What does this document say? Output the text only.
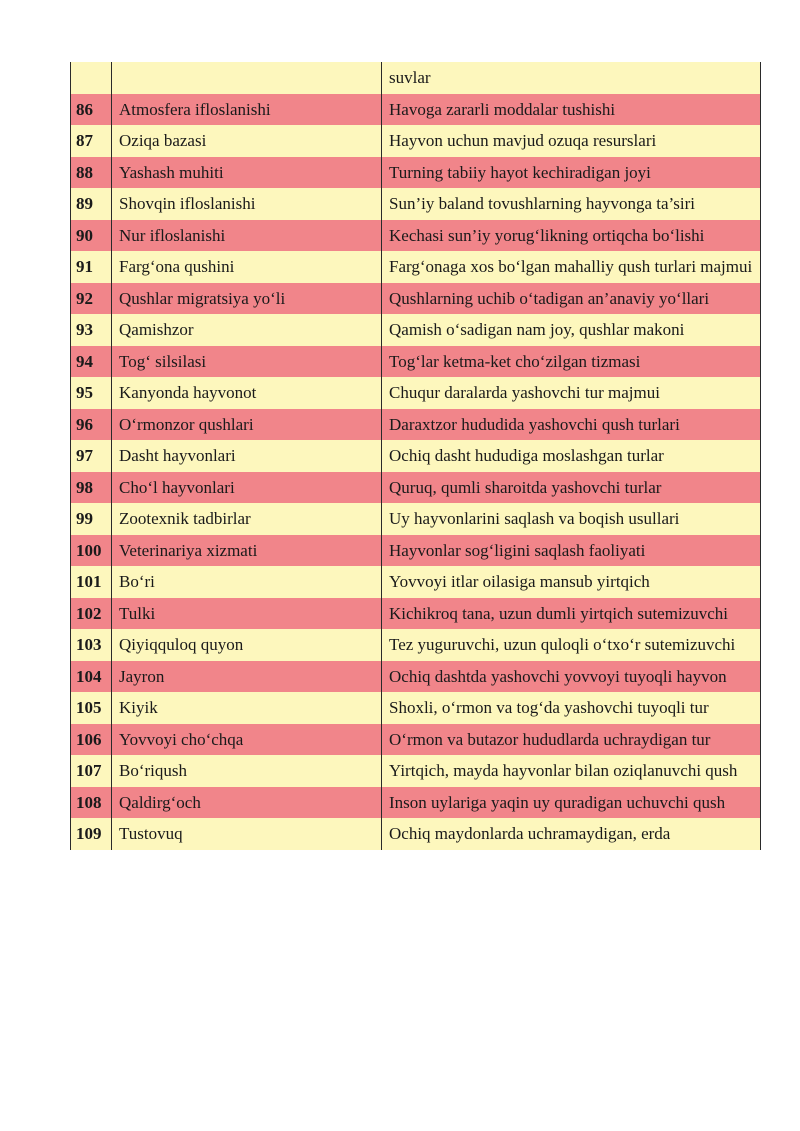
		suvlar
86	Atmosfera ifloslanishi	Havoga zararli moddalar tushishi
87	Oziqa bazasi	Hayvon uchun mavjud ozuqa resurslari
88	Yashash muhiti	Turning tabiiy hayot kechiradigan joyi
89	Shovqin ifloslanishi	Sun’iy baland tovushlarning hayvonga ta’siri
90	Nur ifloslanishi	Kechasi sun’iy yorug‘likning ortiqcha bo‘lishi
91	Farg‘ona qushini	Farg‘onaga xos bo‘lgan mahalliy qush turlari majmui
92	Qushlar migratsiya yo‘li	Qushlarning uchib o‘tadigan an’anaviy yo‘llari
93	Qamishzor	Qamish o‘sadigan nam joy, qushlar makoni
94	Tog‘ silsilasi	Tog‘lar ketma-ket cho‘zilgan tizmasi
95	Kanyonda hayvonot	Chuqur daralarda yashovchi tur majmui
96	O‘rmonzor qushlari	Daraxtzor hududida yashovchi qush turlari
97	Dasht hayvonlari	Ochiq dasht hududiga moslashgan turlar
98	Cho‘l hayvonlari	Quruq, qumli sharoitda yashovchi turlar
99	Zootexnik tadbirlar	Uy hayvonlarini saqlash va boqish usullari
100	Veterinariya xizmati	Hayvonlar sog‘ligini saqlash faoliyati
101	Bo‘ri	Yovvoyi itlar oilasiga mansub yirtqich
102	Tulki	Kichikroq tana, uzun dumli yirtqich sutemizuvchi
103	Qiyiqquloq quyon	Tez yuguruvchi, uzun quloqli o‘txo‘r sutemizuvchi
104	Jayron	Ochiq dashtda yashovchi yovvoyi tuyoqli hayvon
105	Kiyik	Shoxli, o‘rmon va tog‘da yashovchi tuyoqli tur
106	Yovvoyi cho‘chqa	O‘rmon va butazor hududlarda uchraydigan tur
107	Bo‘riqush	Yirtqich, mayda hayvonlar bilan oziqlanuvchi qush
108	Qaldirg‘och	Inson uylariga yaqin uy quradigan uchuvchi qush
109	Tustovuq	Ochiq maydonlarda uchramaydigan, erda
